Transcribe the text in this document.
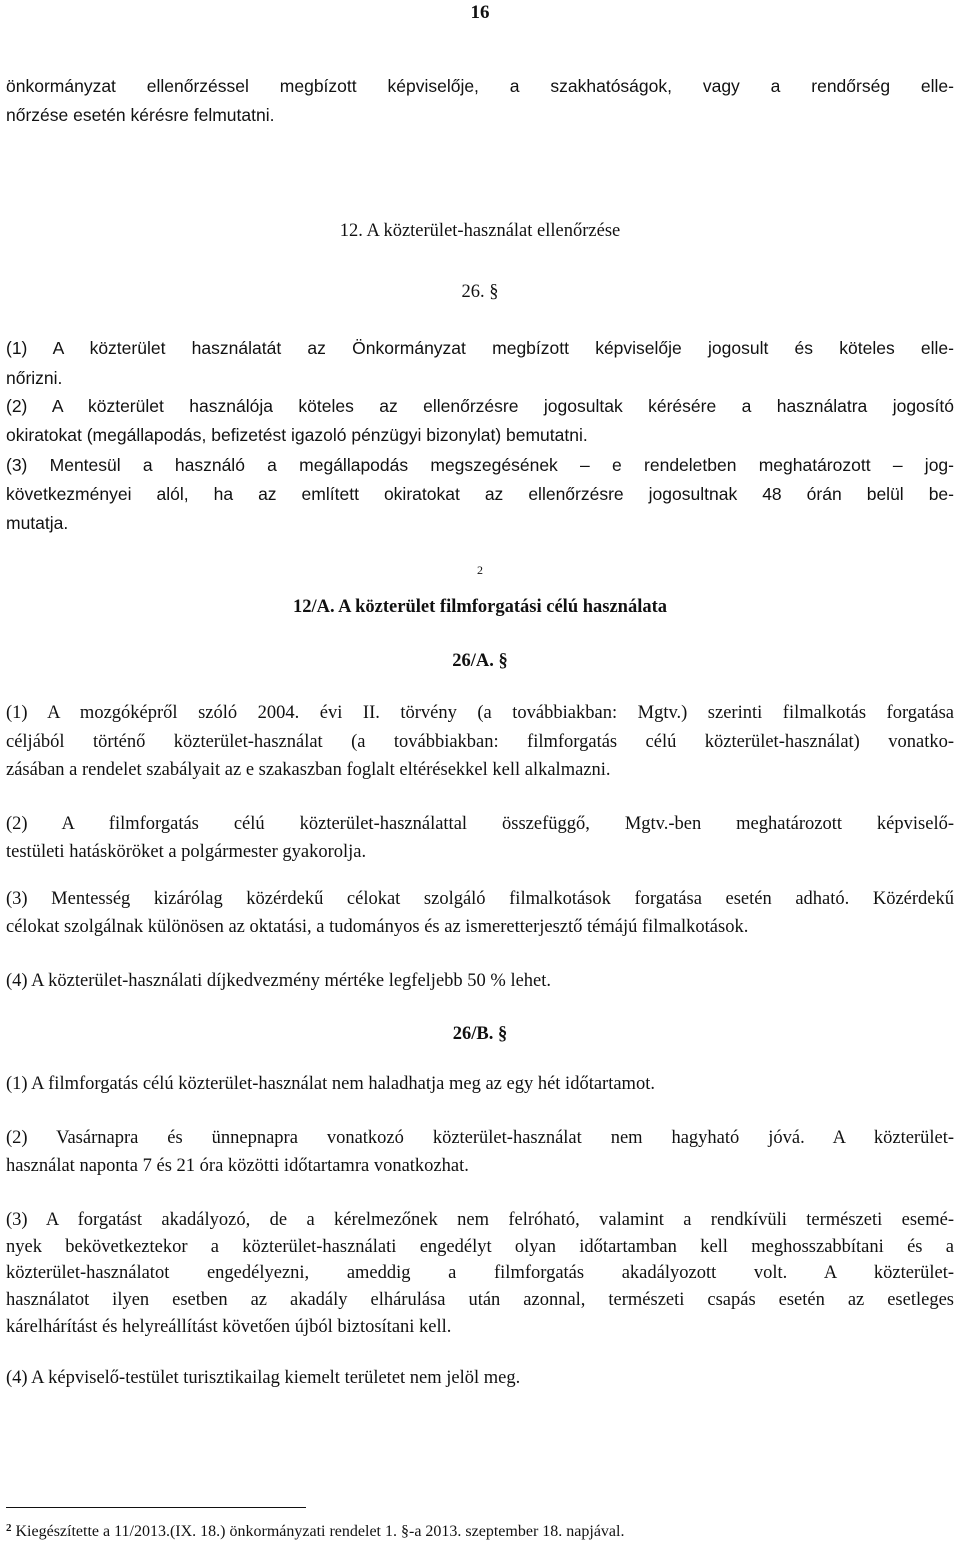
16
önkormányzat ellenőrzéssel megbízott képviselője, a szakhatóságok, vagy a rendőrség elle-
nőrzése esetén kérésre felmutatni.
12. A közterület-használat ellenőrzése
26. §
(1) A közterület használatát az Önkormányzat megbízott képviselője jogosult és köteles elle-
nőrizni.
(2) A közterület használója köteles az ellenőrzésre jogosultak kérésére a használatra jogosító
okiratokat (megállapodás, befizetést igazoló pénzügyi bizonylat) bemutatni.
(3) Mentesül a használó a megállapodás megszegésének – e rendeletben meghatározott – jog-
következményei alól, ha az említett okiratokat az ellenőrzésre jogosultnak 48 órán belül be-
mutatja.
12/A. A közterület filmforgatási célú használata
26/A. §
(1) A mozgóképről szóló 2004. évi II. törvény (a továbbiakban: Mgtv.) szerinti filmalkotás forgatása
céljából történő közterület-használat (a továbbiakban: filmforgatás célú közterület-használat) vonatko-
zásában a rendelet szabályait az e szakaszban foglalt eltérésekkel kell alkalmazni.
(2) A filmforgatás célú közterület-használattal összefüggő, Mgtv.-ben meghatározott képviselő-
testületi hatásköröket a polgármester gyakorolja.
(3) Mentesség kizárólag közérdekű célokat szolgáló filmalkotások forgatása esetén adható. Közérdekű
célokat szolgálnak különösen az oktatási, a tudományos és az ismeretterjesztő témájú filmalkotások.
(4) A közterület-használati díjkedvezmény mértéke legfeljebb 50 % lehet.
26/B. §
(1) A filmforgatás célú közterület-használat nem haladhatja meg az egy hét időtartamot.
(2) Vasárnapra és ünnepnapra vonatkozó közterület-használat nem hagyható jóvá. A közterület-
használat naponta 7 és 21 óra közötti időtartamra vonatkozhat.
(3) A forgatást akadályozó, de a kérelmezőnek nem felróható, valamint a rendkívüli természeti esemé-
nyek bekövetkeztekor a közterület-használati engedélyt olyan időtartamban kell meghosszabbítani és a
közterület-használatot engedélyezni, ameddig a filmforgatás akadályozott volt. A közterület-
használatot ilyen esetben az akadály elhárulása után azonnal, természeti csapás esetén az esetleges
kárelhárítást és helyreállítást követően újból biztosítani kell.
(4) A képviselő-testület turisztikailag kiemelt területet nem jelöl meg.
2
$^2$ Kiegészítette a 11/2013.(IX. 18.) önkormányzati rendelet 1. §-a 2013. szeptember 18. napjával.
